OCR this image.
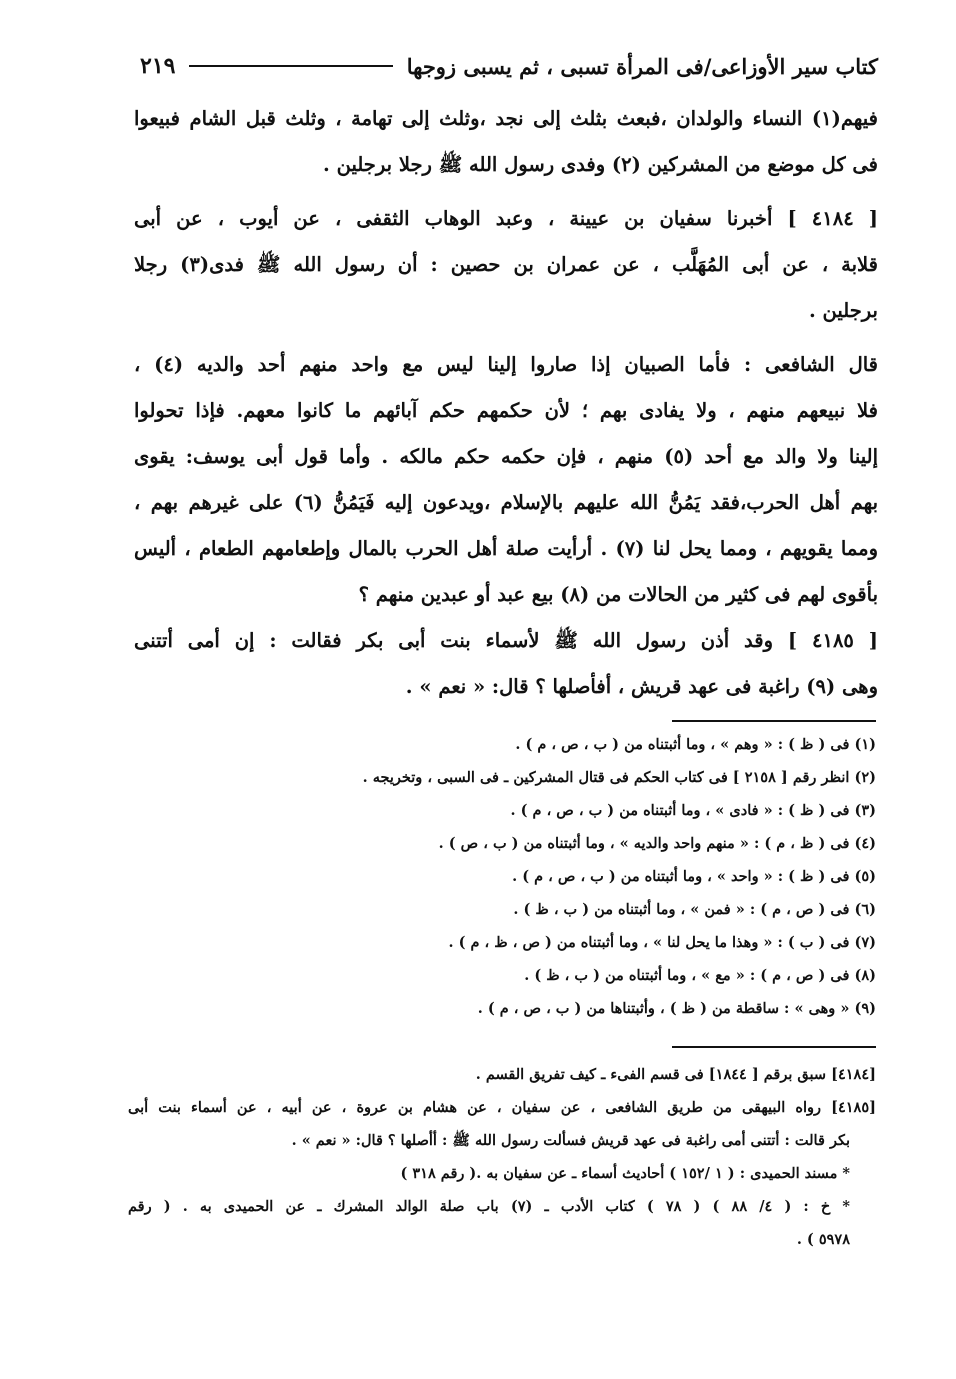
كتاب سير الأوزاعى/فى المرأة تسبى ، ثم يسبى زوجها
٢١٩
فيهم(١) النساء والولدان ،فبعث بثلث إلى نجد ،وثلث إلى تهامة ، وثلث قبل الشام فبيعوا
فى كل موضع من المشركين (٢) وفدى رسول الله ﷺ رجلا برجلين .
[ ٤١٨٤ ] أخبرنا سفيان بن عيينة ، وعبد الوهاب الثقفى ، عن أيوب ، عن أبى
قلابة ، عن أبى المُهَلَّب ، عن عمران بن حصين : أن رسول الله ﷺ فدى(٣) رجلا
برجلين .
قال الشافعى : فأما الصبيان إذا صاروا إلينا ليس مع واحد منهم أحد والديه (٤) ،
فلا نبيعهم منهم ، ولا يفادى بهم ؛ لأن حكمهم حكم آبائهم ما كانوا معهم. فإذا تحولوا
إلينا ولا والد مع أحد (٥) منهم ، فإن حكمه حكم مالكه . وأما قول أبى يوسف: يقوى
بهم أهل الحرب،فقد يَمُنُّ الله عليهم بالإسلام ،ويدعون إليه فَيَمُنُّ (٦) على غيرهم بهم ،
ومما يقويهم ، ومما يحل لنا (٧) . أرأيت صلة أهل الحرب بالمال وإطعامهم الطعام ، أليس
بأقوى لهم فى كثير من الحالات من (٨) بيع عبد أو عبدين منهم ؟
[ ٤١٨٥ ] وقد أذن رسول الله ﷺ لأسماء بنت أبى بكر فقالت : إن أمى أتتنى
وهى (٩) راغبة فى عهد قريش ، أفأصلها ؟ قال: « نعم » .
(١) فى ( ظ ) : « وهم » ، وما أثبتناه من ( ب ، ص ، م ) .
(٢) انظر رقم [ ٢١٥٨ ] فى كتاب الحكم فى قتال المشركين ـ فى السبى ، وتخريجه .
(٣) فى ( ظ ) : « فادى » ، وما أثبتناه من ( ب ، ص ، م ) .
(٤) فى ( ظ ، م ) : « منهم واحد والديه » ، وما أثبتناه من ( ب ، ص ) .
(٥) فى ( ظ ) : « واحد » ، وما أثبتناه من ( ب ، ص ، م ) .
(٦) فى ( ص ، م ) : « فمن » ، وما أثبتناه من ( ب ، ظ ) .
(٧) فى ( ب ) : « وهذا ما يحل لنا » ، وما أثبتناه من ( ص ، ظ ، م ) .
(٨) فى ( ص ، م ) : « مع » ، وما أثبتناه من ( ب ، ظ ) .
(٩) « وهى » : ساقطة من ( ظ ) ، وأثبتناها من ( ب ، ص ، م ) .
[٤١٨٤] سبق برقم [ ١٨٤٤] فى قسم الفىء ـ كيف تفريق القسم .
[٤١٨٥] رواه البيهقى من طريق الشافعى ، عن سفيان ، عن هشام بن عروة ، عن أبيه ، عن أسماء بنت أبى
بكر قالت : أتتنى أمى راغبة فى عهد قريش فسألت رسول الله ﷺ : أأصلها ؟ قال: « نعم » .
* مسند الحميدى : ( ١ /١٥٢ ) أحاديث أسماء ـ عن سفيان به .( رقم ٣١٨ )
* خ : ( ٤/ ٨٨ ) ( ٧٨ ) كتاب الأدب ـ (٧) باب صلة الوالد المشرك ـ عن الحميدى به . ( رقم
٥٩٧٨ ) .
